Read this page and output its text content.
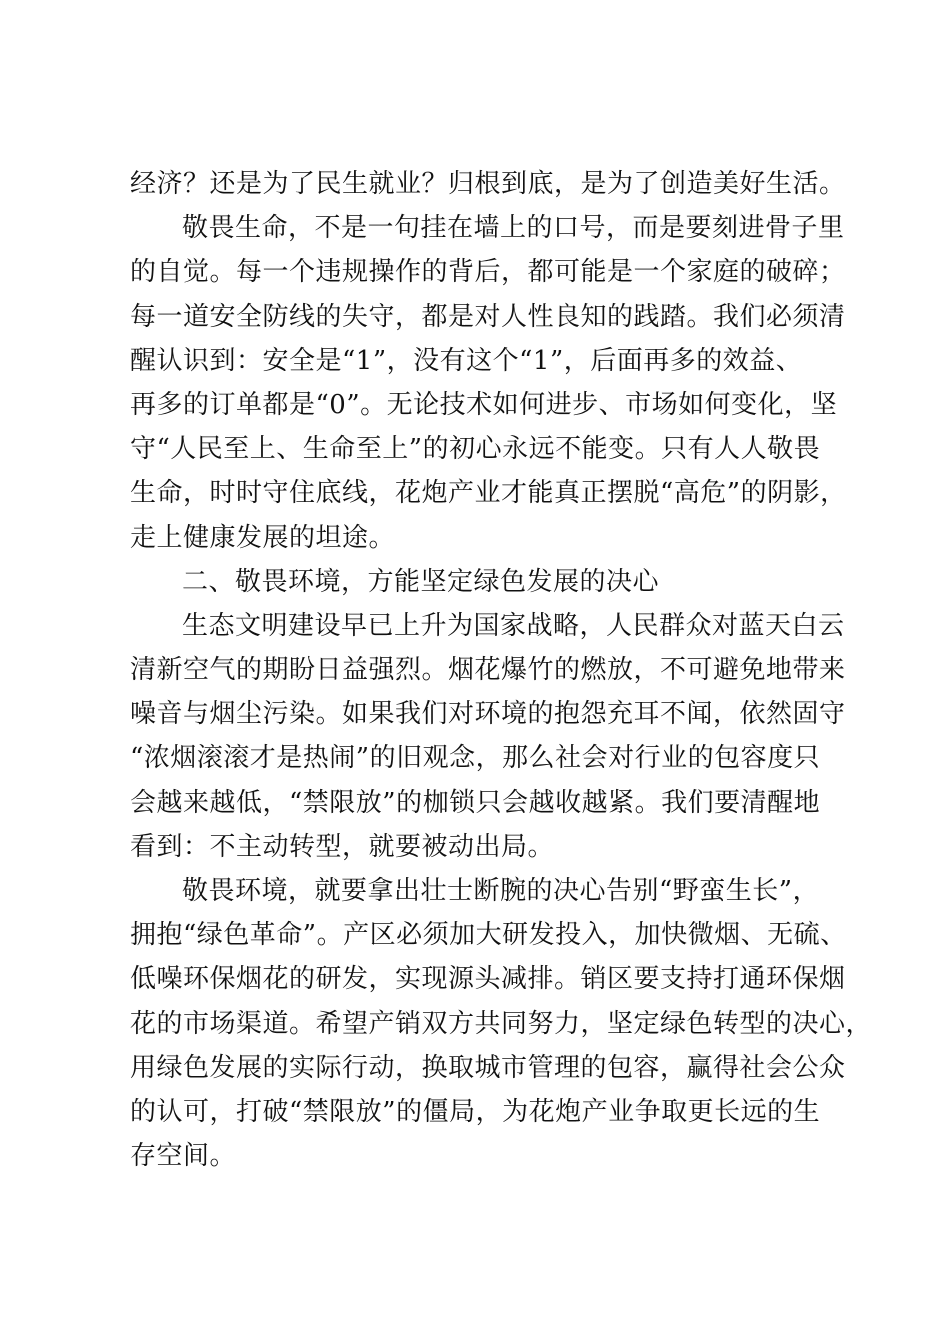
经济？还是为了民生就业？归根到底，是为了创造美好生活。
敬畏生命，不是一句挂在墙上的口号，而是要刻进骨子里
的自觉。每一个违规操作的背后，都可能是一个家庭的破碎；
每一道安全防线的失守，都是对人性良知的践踏。我们必须清
醒认识到：安全是“1”，没有这个“1”，后面再多的效益、
再多的订单都是“0”。无论技术如何进步、市场如何变化，坚
守“人民至上、生命至上”的初心永远不能变。只有人人敬畏
生命，时时守住底线，花炮产业才能真正摆脱“高危”的阴影，
走上健康发展的坦途。
二、敬畏环境，方能坚定绿色发展的决心
生态文明建设早已上升为国家战略，人民群众对蓝天白云
清新空气的期盼日益强烈。烟花爆竹的燃放，不可避免地带来
噪音与烟尘污染。如果我们对环境的抱怨充耳不闻，依然固守
“浓烟滚滚才是热闹”的旧观念，那么社会对行业的包容度只
会越来越低，“禁限放”的枷锁只会越收越紧。我们要清醒地
看到：不主动转型，就要被动出局。
敬畏环境，就要拿出壮士断腕的决心告别“野蛮生长”，
拥抱“绿色革命”。产区必须加大研发投入，加快微烟、无硫、
低噪环保烟花的研发，实现源头减排。销区要支持打通环保烟
花的市场渠道。希望产销双方共同努力，坚定绿色转型的决心，
用绿色发展的实际行动，换取城市管理的包容，赢得社会公众
的认可，打破“禁限放”的僵局，为花炮产业争取更长远的生
存空间。
